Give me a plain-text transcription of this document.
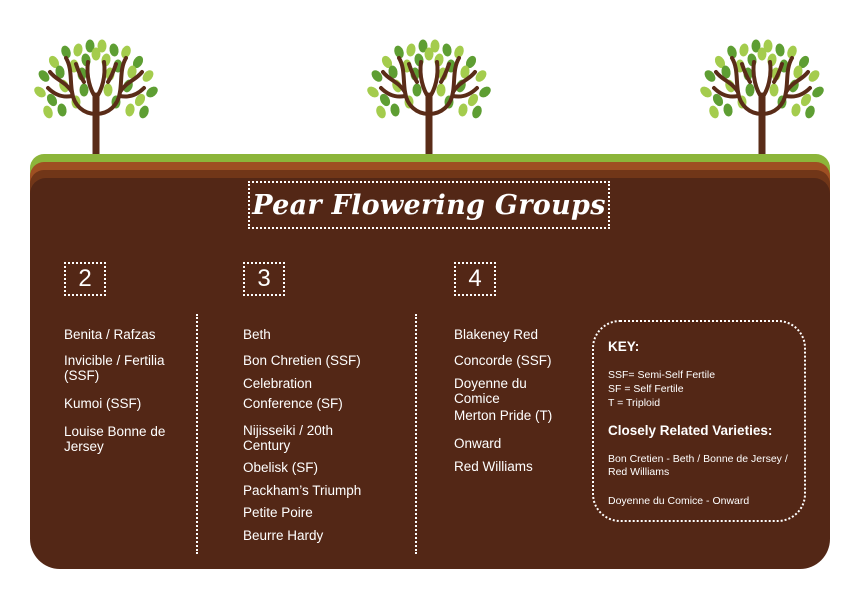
Pear Flowering Groups
2	3	4
Benita / Rafzas
Invicible / Fertilia (SSF)
Kumoi (SSF)
Louise Bonne de Jersey
Beth
Bon Chretien (SSF)
Celebration
Conference (SF)
Nijisseiki / 20th Century
Obelisk (SF)
Packham’s Triumph
Petite Poire
Beurre Hardy
Blakeney Red
Concorde (SSF)
Doyenne du Comice
Merton Pride (T)
Onward
Red Williams
KEY:
SSF= Semi-Self Fertile
SF = Self Fertile
T = Triploid
Closely Related Varieties:
Bon Cretien - Beth / Bonne de Jersey / Red Williams
Doyenne du Comice - Onward
